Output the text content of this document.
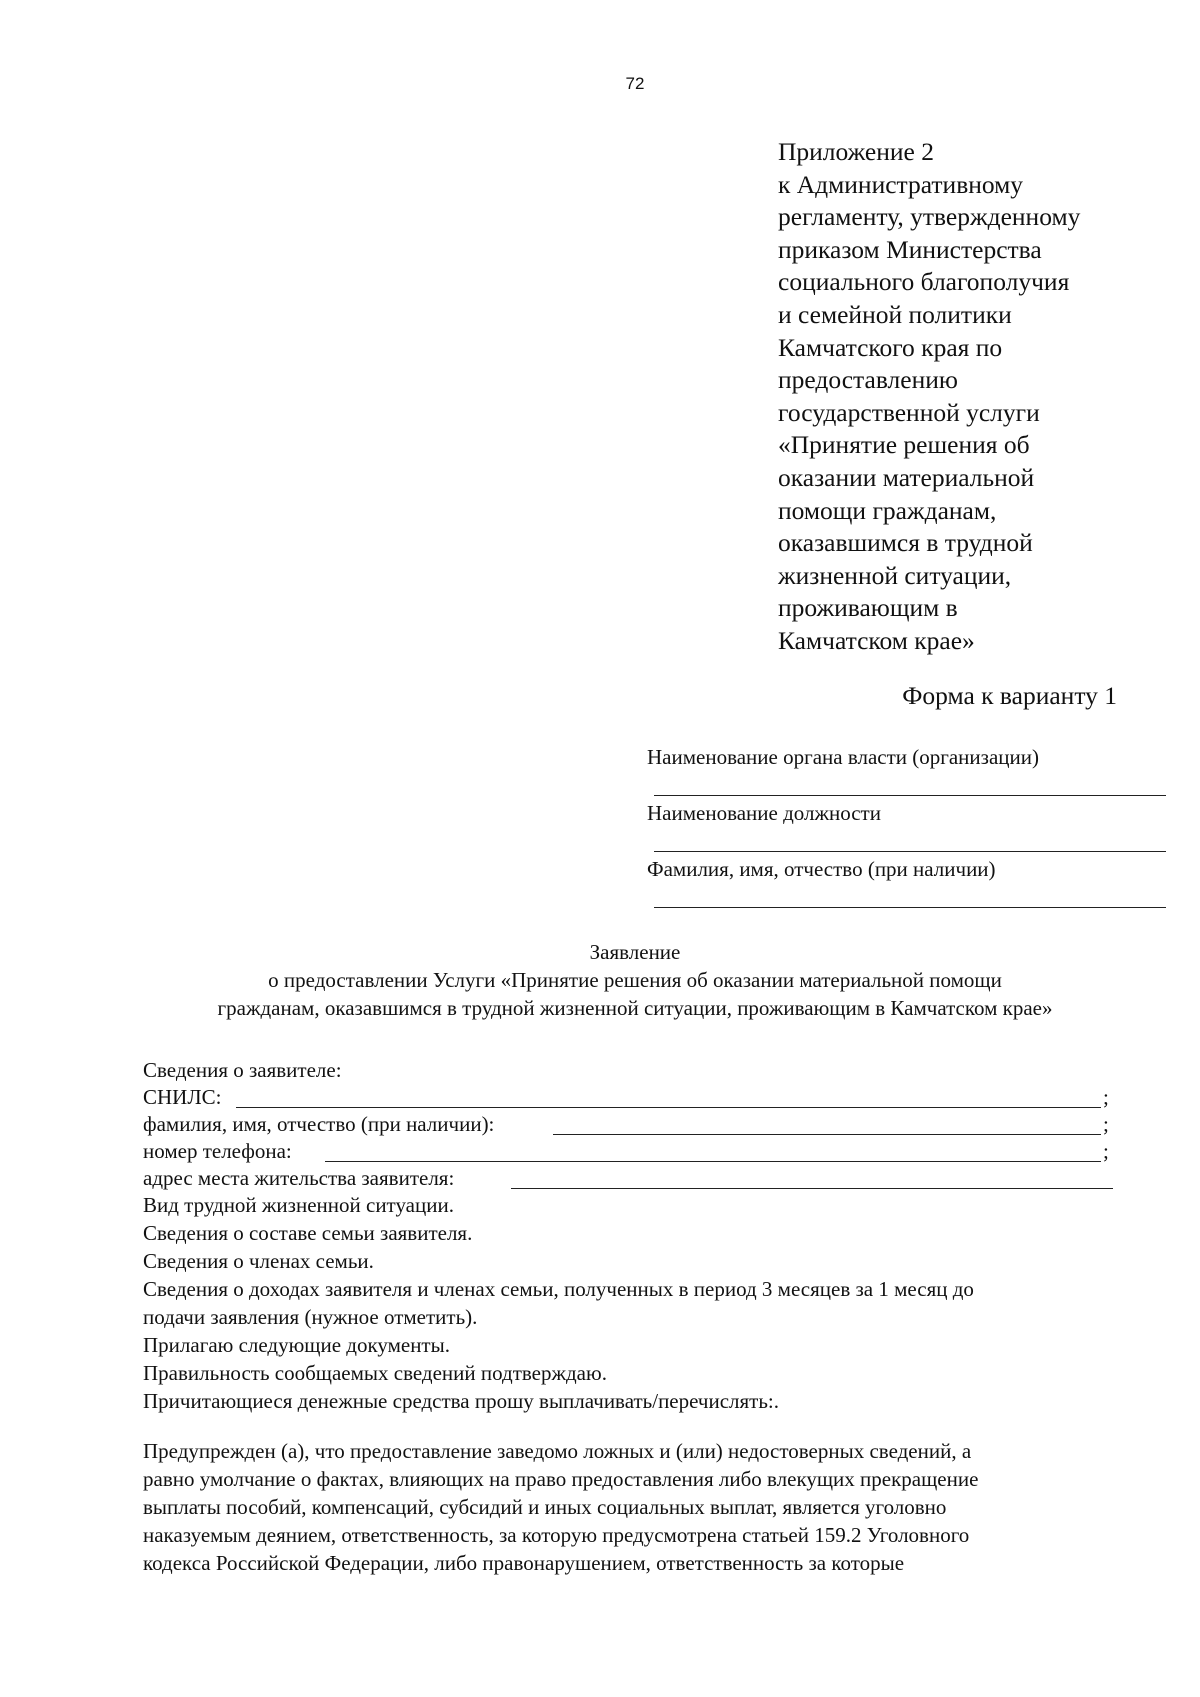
72
Приложение 2
к Административному
регламенту, утвержденному
приказом Министерства
социального благополучия
и семейной политики
Камчатского края по
предоставлению
государственной услуги
«Принятие решения об
оказании материальной
помощи гражданам,
оказавшимся в трудной
жизненной ситуации,
проживающим в
Камчатском крае»
Форма к варианту 1
Наименование органа власти (организации)
Наименование должности
Фамилия, имя, отчество (при наличии)
Заявление
о предоставлении Услуги «Принятие решения об оказании материальной помощи
гражданам, оказавшимся в трудной жизненной ситуации, проживающим в Камчатском крае»
Сведения о заявителе:
СНИЛС:	;
фамилия, имя, отчество (при наличии):	;
номер телефона:	;
адрес места жительства заявителя:
Вид трудной жизненной ситуации.
Сведения о составе семьи заявителя.
Сведения о членах семьи.
Сведения о доходах заявителя и членах семьи, полученных в период 3 месяцев за 1 месяц до
подачи заявления (нужное отметить).
Прилагаю следующие документы.
Правильность сообщаемых сведений подтверждаю.
Причитающиеся денежные средства прошу выплачивать/перечислять:.
Предупрежден (а), что предоставление заведомо ложных и (или) недостоверных сведений, а
равно умолчание о фактах, влияющих на право предоставления либо влекущих прекращение
выплаты пособий, компенсаций, субсидий и иных социальных выплат, является уголовно
наказуемым деянием, ответственность, за которую предусмотрена статьей 159.2 Уголовного
кодекса Российской Федерации, либо правонарушением, ответственность за которые
